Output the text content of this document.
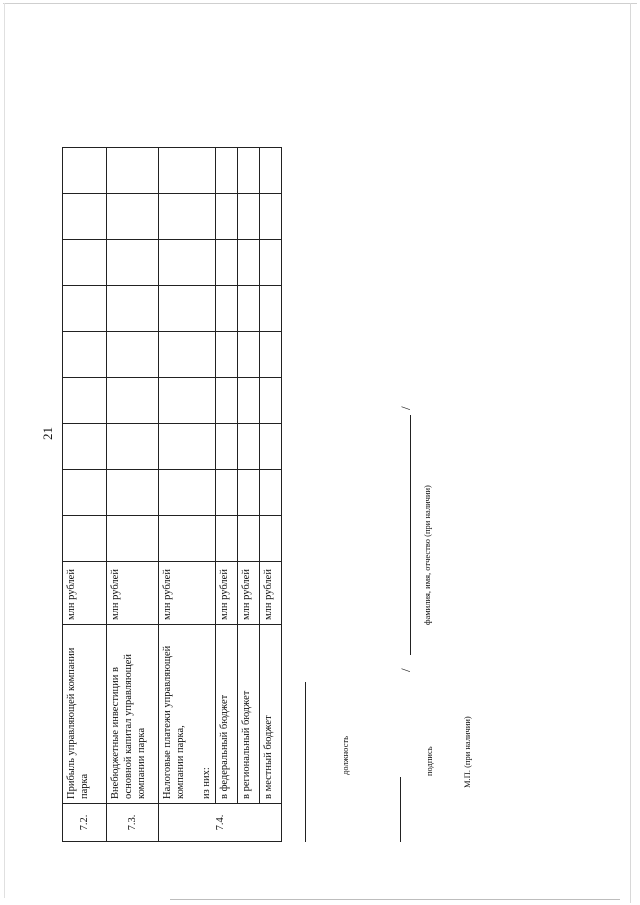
21
7.2.	Прибыль управляющей компании парка	млн рублей									
7.3.	Внебюджетные инвестиции в основной капитал управляющей компании парка	млн рублей									
7.4.	Налоговые платежи управляющей компании парка, из них:	млн рублей									
	в федеральный бюджет	млн рублей									
	в региональный бюджет	млн рублей									
	в местный бюджет	млн рублей									
должность	подпись
/
/
фамилия, имя, отчество (при наличии)
М.П. (при наличии)
